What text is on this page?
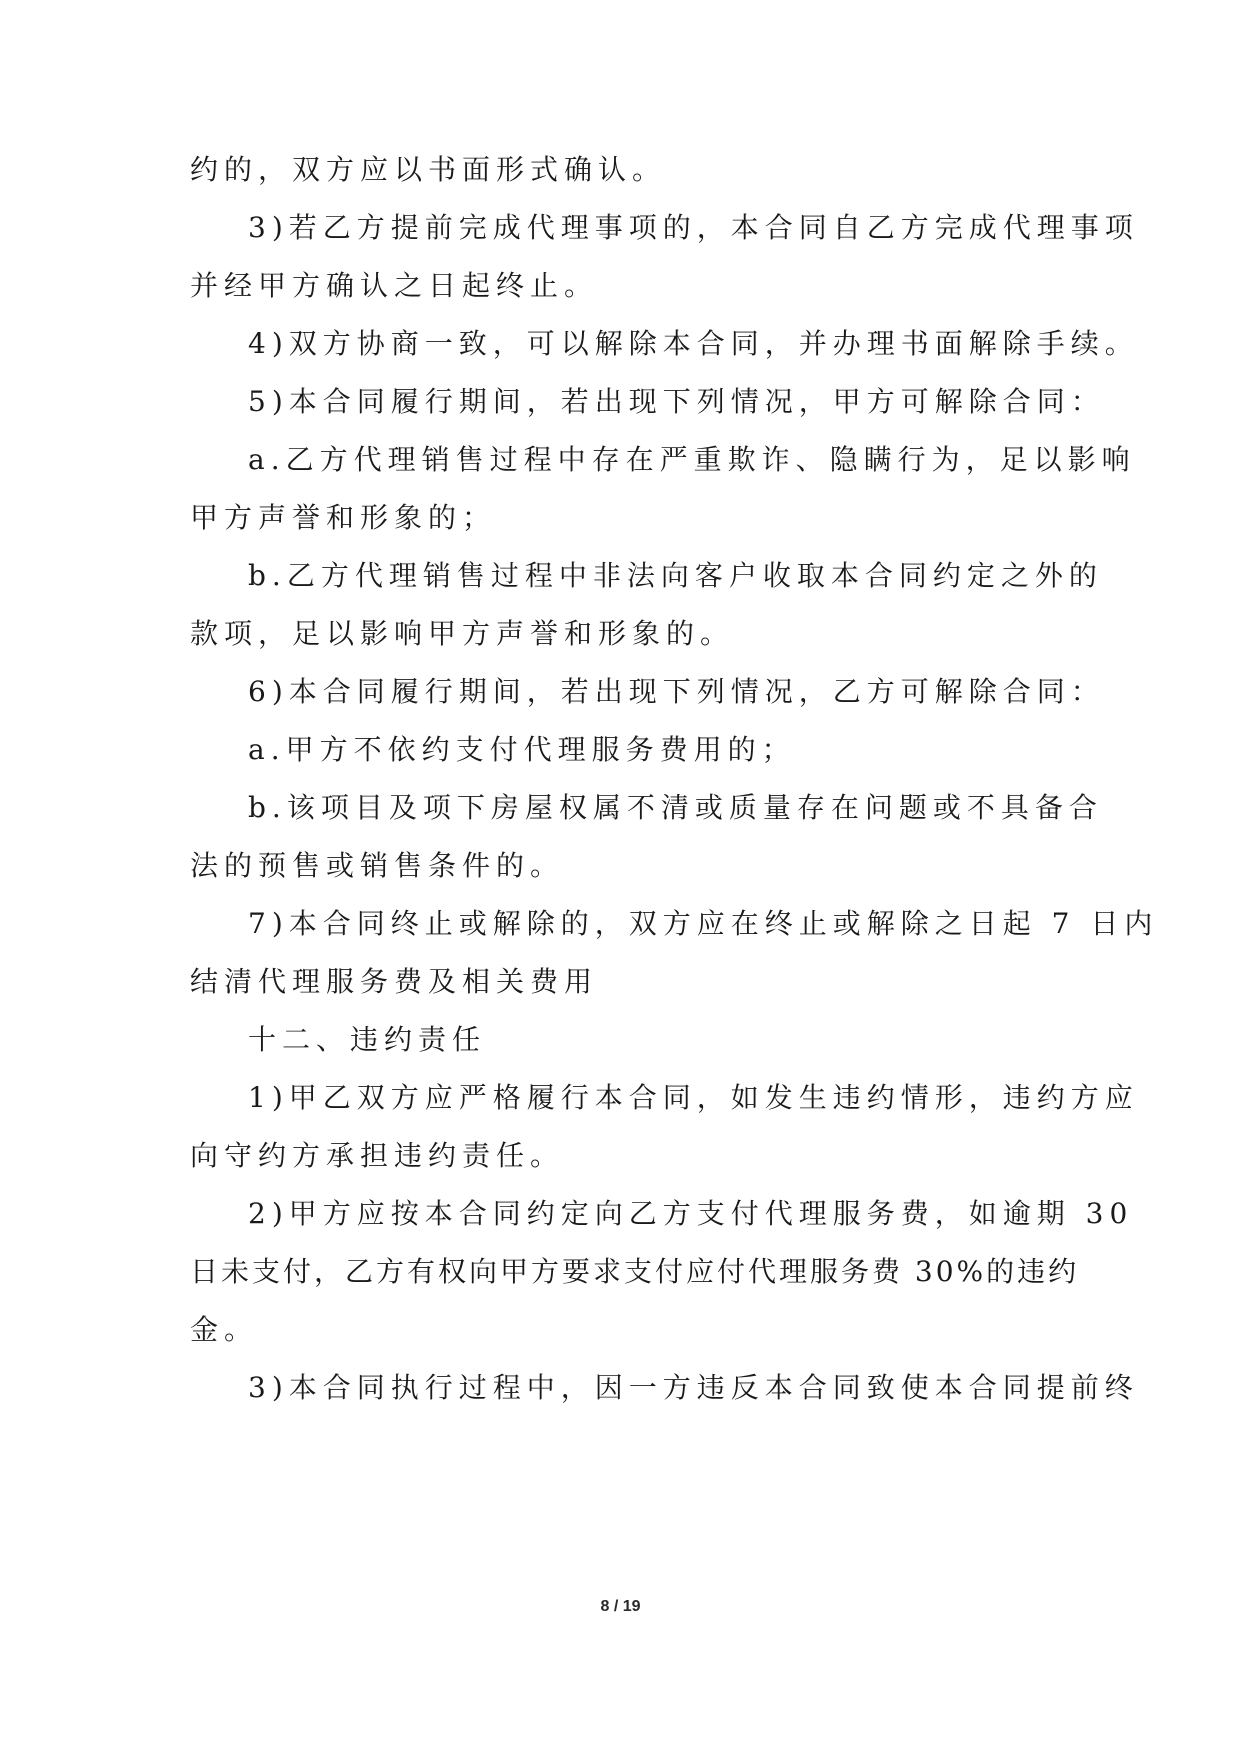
约的，双方应以书面形式确认。
3)若乙方提前完成代理事项的，本合同自乙方完成代理事项
并经甲方确认之日起终止。
4)双方协商一致，可以解除本合同，并办理书面解除手续。
5)本合同履行期间，若出现下列情况，甲方可解除合同：
a.乙方代理销售过程中存在严重欺诈、隐瞒行为，足以影响
甲方声誉和形象的；
b.乙方代理销售过程中非法向客户收取本合同约定之外的
款项，足以影响甲方声誉和形象的。
6)本合同履行期间，若出现下列情况，乙方可解除合同：
a.甲方不依约支付代理服务费用的；
b.该项目及项下房屋权属不清或质量存在问题或不具备合
法的预售或销售条件的。
7)本合同终止或解除的，双方应在终止或解除之日起 7 日内
结清代理服务费及相关费用
十二、违约责任
1)甲乙双方应严格履行本合同，如发生违约情形，违约方应
向守约方承担违约责任。
2)甲方应按本合同约定向乙方支付代理服务费，如逾期 30
日未支付，乙方有权向甲方要求支付应付代理服务费 30%的违约
金。
3)本合同执行过程中，因一方违反本合同致使本合同提前终
8 / 19
